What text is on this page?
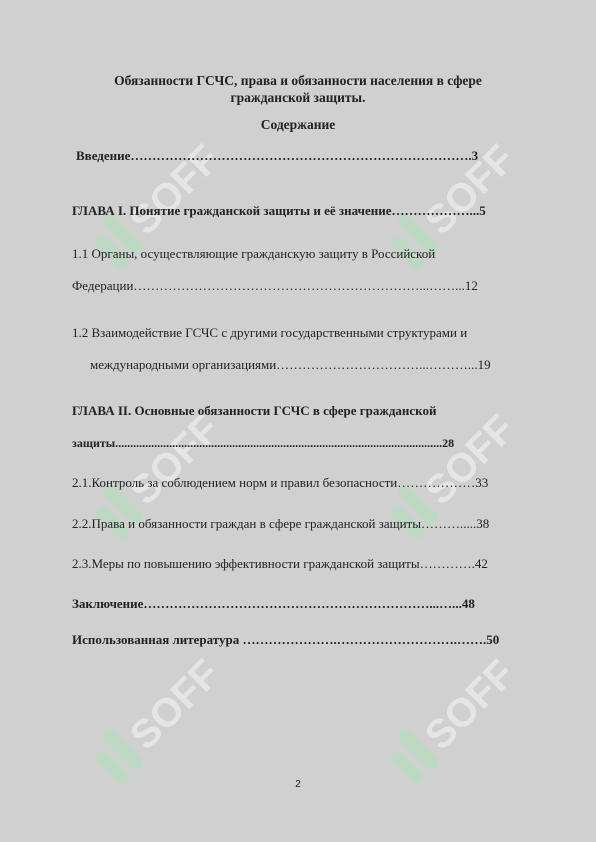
SOFF	SOFF
SOFF	SOFF
SOFF	SOFF
Обязанности ГСЧС, права и обязанности населения в сфере
гражданской защиты.
Содержание
Введение…………………………………………………………………….3
ГЛАВА I. Понятие гражданской защиты и её значение………………...5
1.1 Органы, осуществляющие гражданскую защиту в Российской
Федерации…………………………………………………………...……...12
1.2 Взаимодействие ГСЧС с другими государственными структурами и
международными организациями……………………………...………...19
ГЛАВА II. Основные обязанности ГСЧС в сфере гражданской
защиты.............................................................................................................28
2.1.Контроль за соблюдением норм и правил безопасности………………33
2.2.Права и обязанности граждан в сфере гражданской защиты……….....38
2.3.Меры по повышению эффективности гражданской защиты………….42
Заключение…………………………………………………………...…...48
Использованная литература ………………….……………………….…….50
2
